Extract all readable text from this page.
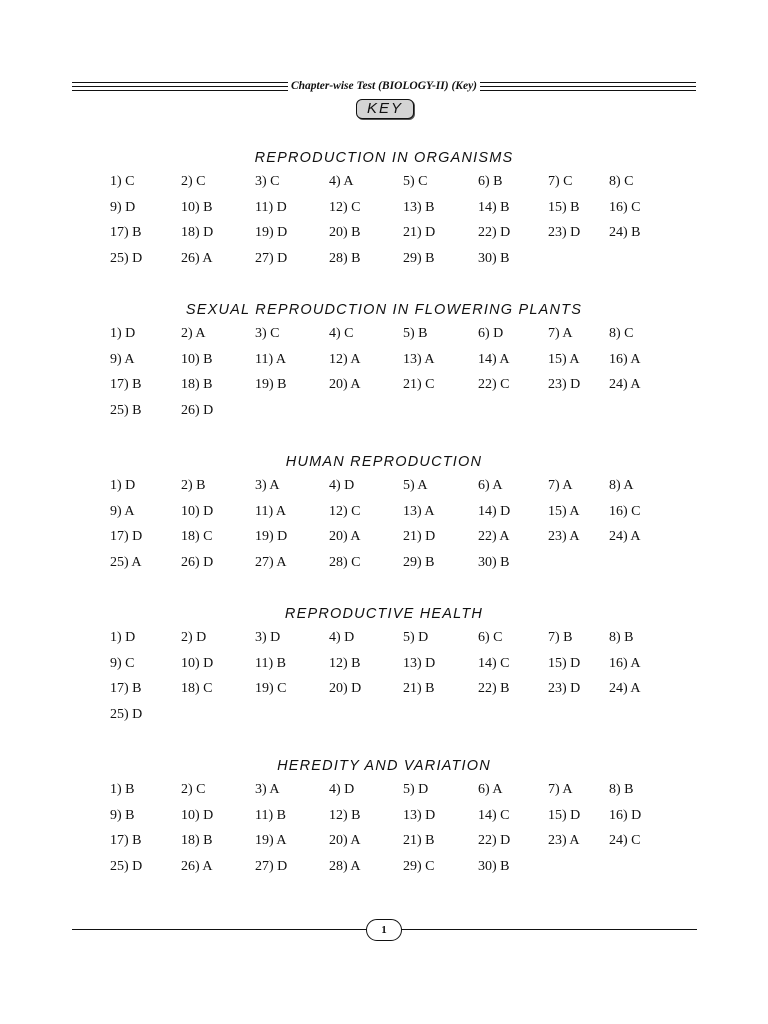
Chapter-wise Test (BIOLOGY-II) (Key)
KEY
REPRODUCTION IN ORGANISMS
1) C	2) C	3) C	4) A	5) C	6) B	7) C	8) C
9) D	10) B	11) D	12) C	13) B	14) B	15) B 16) C
17) B	18) D	19) D	20) B	21) D	22) D	23) D 24) B
25) D	26) A	27) D	28) B	29) B	30) B
SEXUAL REPROUDCTION IN FLOWERING PLANTS
1) D	2) A	3) C	4) C	5) B	6) D	7) A	8) C
9) A	10) B	11) A	12) A	13) A	14) A	15) A 16) A
17) B	18) B	19) B	20) A	21) C	22) C	23) D 24) A
25) B	26) D
HUMAN REPRODUCTION
1) D	2) B	3) A	4) D	5) A	6) A	7) A	8) A
9) A	10) D	11) A	12) C	13) A	14) D	15) A 16) C
17) D	18) C	19) D	20) A	21) D	22) A	23) A 24) A
25) A	26) D	27) A	28) C	29) B	30) B
REPRODUCTIVE HEALTH
1) D	2) D	3) D	4) D	5) D	6) C	7) B	8) B
9) C	10) D	11) B	12) B	13) D	14) C	15) D 16) A
17) B	18) C	19) C	20) D	21) B	22) B	23) D 24) A
25) D
HEREDITY AND VARIATION
1) B	2) C	3) A	4) D	5) D	6) A	7) A	8) B
9) B	10) D	11) B	12) B	13) D	14) C	15) D 16) D
17) B	18) B	19) A	20) A	21) B	22) D	23) A 24) C
25) D	26) A	27) D	28) A	29) C	30) B
1
